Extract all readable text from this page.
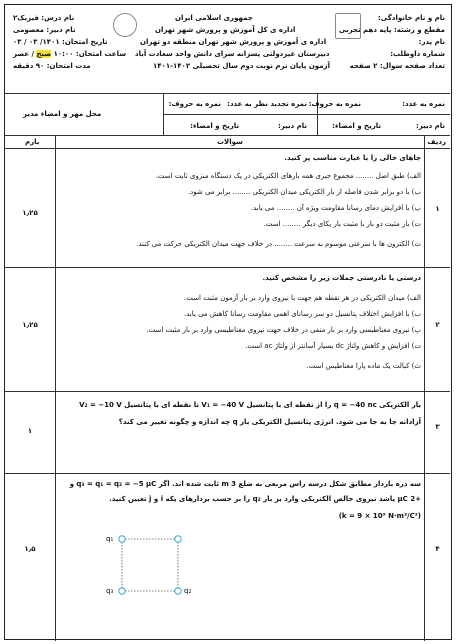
نام و نام خانوادگی:
مقطع و رشته: پایه دهم تجربی
نام پدر:
شماره داوطلب:
تعداد صفحه سوال: ۲ صفحه
جمهوری اسلامی ایران
اداره ی کل آموزش و پرورش شهر تهران
اداره ی آموزش و پرورش شهر تهران منطقه دو تهران
دبیرستان غیردولتی پسرانه سرای دانش واحد سعادت آباد
آزمون پایان ترم نوبت دوم سال تحصیلی ۱۴۰۲-۱۴۰۱
نام درس: فیزیک۲
نام دبیر: معصومی
تاریخ امتحان: ۱۴۰۱/ ۰۳ / ۰۳
ساعت امتحان: ۱۰:۰۰ صبح / عصر
مدت امتحان: ۹۰ دقیقه
نمره به عدد:
نمره به حروف:
نمره تجدید نظر به عدد:
نمره به حروف:
نام دبیر:
تاریخ و امضاء:
نام دبیر:
تاریخ و امضاء:
محل مهر و امضاء مدیر
ردیف
سوالات
بارم
۱
۱٫۲۵
جاهای خالی را با عبارت مناسب پر کنید.
الف) طبق اصل ........ مجموع جبری همه بارهای الکتریکی در یک دستگاه منزوی ثابت است.
ب) با دو برابر شدن فاصله از بار الکتریکی میدان الکتریکی ........ برابر می شود.
پ) با افزایش دمای رسانا مقاومت ویژه آن ........ می یابد.
ت) بار مثبت دو بار با مثبت بار یکای دیگر ........ است.
ث) الکترون ها با سرعتی موسوم به سرعت ........ در خلاف جهت میدان الکتریکی حرکت می کنند.
۲
۱٫۲۵
درستی یا نادرستی جملات زیر را مشخص کنید.
الف) میدان الکتریکی در هر نقطه هم جهت با نیروی وارد بر بار آزمون مثبت است.
ب) با افزایش اختلاف پتانسیل دو سر رسانای اهمی مقاومت رسانا کاهش می یابد.
پ) نیروی مغناطیسی وارد بر بار منفی در خلاف جهت نیروی مغناطیسی وارد بر بار مثبت است.
ت) افزایش و کاهش ولتاژ dc بسیار آسانتر از ولتاژ ac است.
ث) کبالت یک ماده پارا مغناطیس است.
۳
۱
بار الکتریکی q = −40 nc را از نقطه ای با پتانسیل V₁ = −40 V تا نقطه ای با پتانسیل V₂ = −10 V
آزادانه جا به جا می شود. انرژی پتانسیل الکتریکی بار q چه اندازه و چگونه تغییر می کند؟
۴
۱٫۵
سه ذره باردار مطابق شکل درسه راس مربعی به ضلع 3 m ثابت شده اند. اگر q₃ = q₁ = q₂ = −5 μC و
+2 μC باشد نیروی خالص الکتریکی وارد بر بار q₂ را بر حسب بردارهای یکه i و j تعیین کنید.
(k = 9 × 10⁹ N·m²/C²)
q₁
q₃	q₂
